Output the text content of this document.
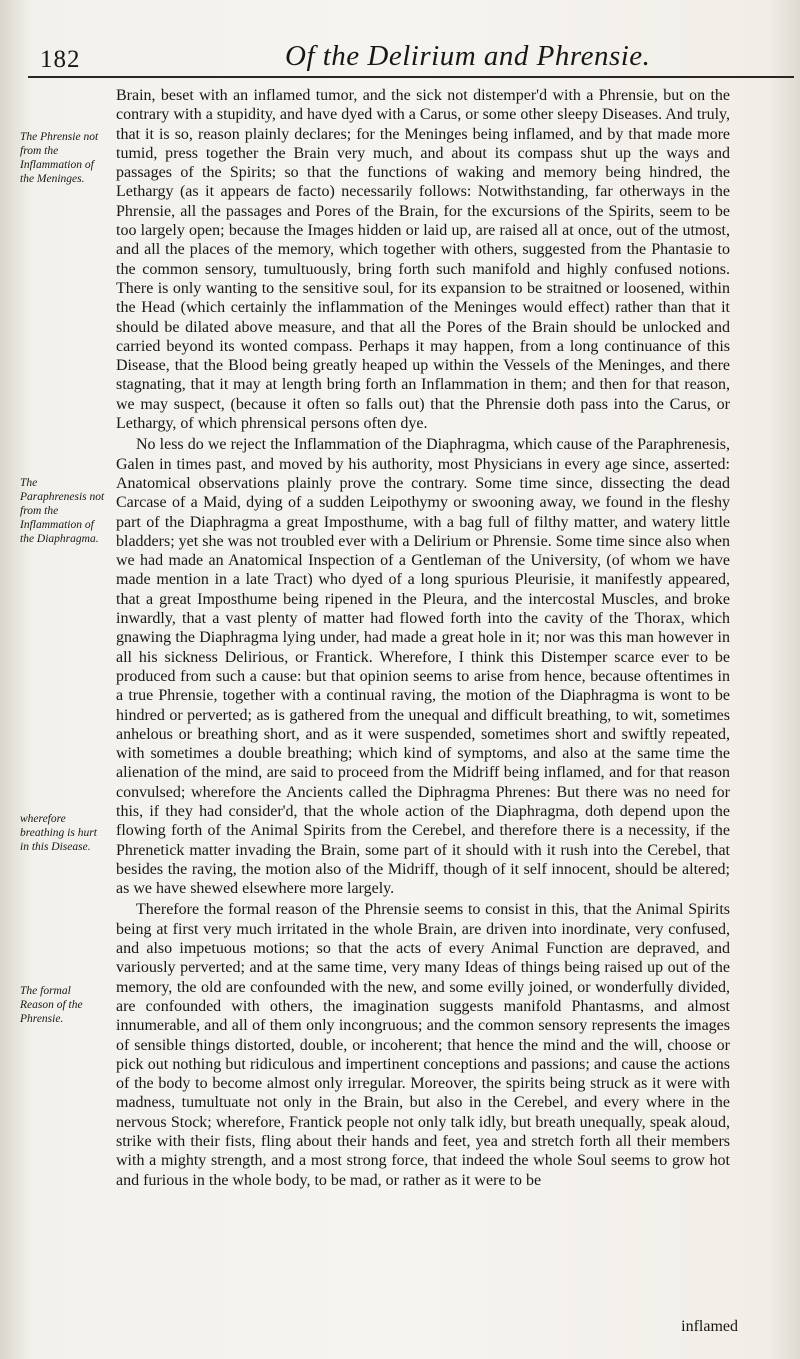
182	Of the Delirium and Phrensie.
The Phrensie not from the Inflammation of the Meninges.
The Paraphrenesis not from the Inflammation of the Diaphragma.
wherefore breathing is hurt in this Disease.
The formal Reason of the Phrensie.

Brain, beset with an inflamed tumor, and the sick not distemper'd with a Phrensie, but on the contrary with a stupidity, and have dyed with a Carus, or some other sleepy Diseases. And truly, that it is so, reason plainly declares; for the Meninges being inflamed, and by that made more tumid, press together the Brain very much, and about its compass shut up the ways and passages of the Spirits; so that the functions of waking and memory being hindred, the Lethargy (as it appears de facto) necessarily follows: Notwithstanding, far otherways in the Phrensie, all the passages and Pores of the Brain, for the excursions of the Spirits, seem to be too largely open; because the Images hidden or laid up, are raised all at once, out of the utmost, and all the places of the memory, which together with others, suggested from the Phantasie to the common sensory, tumultuously, bring forth such manifold and highly confused notions. There is only wanting to the sensitive soul, for its expansion to be straitned or loosened, within the Head (which certainly the inflammation of the Meninges would effect) rather than that it should be dilated above measure, and that all the Pores of the Brain should be unlocked and carried beyond its wonted compass. Perhaps it may happen, from a long continuance of this Disease, that the Blood being greatly heaped up within the Vessels of the Meninges, and there stagnating, that it may at length bring forth an Inflammation in them; and then for that reason, we may suspect, (because it often so falls out) that the Phrensie doth pass into the Carus, or Lethargy, of which phrensical persons often dye.

No less do we reject the Inflammation of the Diaphragma, which cause of the Paraphrenesis, Galen in times past, and moved by his authority, most Physicians in every age since, asserted: Anatomical observations plainly prove the contrary. Some time since, dissecting the dead Carcase of a Maid, dying of a sudden Leipothymy or swooning away, we found in the fleshy part of the Diaphragma a great Imposthume, with a bag full of filthy matter, and watery little bladders; yet she was not troubled ever with a Delirium or Phrensie. Some time since also when we had made an Anatomical Inspection of a Gentleman of the University, (of whom we have made mention in a late Tract) who dyed of a long spurious Pleurisie, it manifestly appeared, that a great Imposthume being ripened in the Pleura, and the intercostal Muscles, and broke inwardly, that a vast plenty of matter had flowed forth into the cavity of the Thorax, which gnawing the Diaphragma lying under, had made a great hole in it; nor was this man however in all his sickness Delirious, or Frantick. Wherefore, I think this Distemper scarce ever to be produced from such a cause: but that opinion seems to arise from hence, because oftentimes in a true Phrensie, together with a continual raving, the motion of the Diaphragma is wont to be hindred or perverted; as is gathered from the unequal and difficult breathing, to wit, sometimes anhelous or breathing short, and as it were suspended, sometimes short and swiftly repeated, with sometimes a double breathing; which kind of symptoms, and also at the same time the alienation of the mind, are said to proceed from the Midriff being inflamed, and for that reason convulsed; wherefore the Ancients called the Diphragma Phrenes: But there was no need for this, if they had consider'd, that the whole action of the Diaphragma, doth depend upon the flowing forth of the Animal Spirits from the Cerebel, and therefore there is a necessity, if the Phrenetick matter invading the Brain, some part of it should with it rush into the Cerebel, that besides the raving, the motion also of the Midriff, though of it self innocent, should be altered; as we have shewed elsewhere more largely.

Therefore the formal reason of the Phrensie seems to consist in this, that the Animal Spirits being at first very much irritated in the whole Brain, are driven into inordinate, very confused, and also impetuous motions; so that the acts of every Animal Function are depraved, and variously perverted; and at the same time, very many Ideas of things being raised up out of the memory, the old are confounded with the new, and some evilly joined, or wonderfully divided, are confounded with others, the imagination suggests manifold Phantasms, and almost innumerable, and all of them only incongruous; and the common sensory represents the images of sensible things distorted, double, or incoherent; that hence the mind and the will, choose or pick out nothing but ridiculous and impertinent conceptions and passions; and cause the actions of the body to become almost only irregular. Moreover, the spirits being struck as it were with madness, tumultuate not only in the Brain, but also in the Cerebel, and every where in the nervous Stock; wherefore, Frantick people not only talk idly, but breath unequally, speak aloud, strike with their fists, fling about their hands and feet, yea and stretch forth all their members with a mighty strength, and a most strong force, that indeed the whole Soul seems to grow hot and furious in the whole body, to be mad, or rather as it were to be

inflamed
